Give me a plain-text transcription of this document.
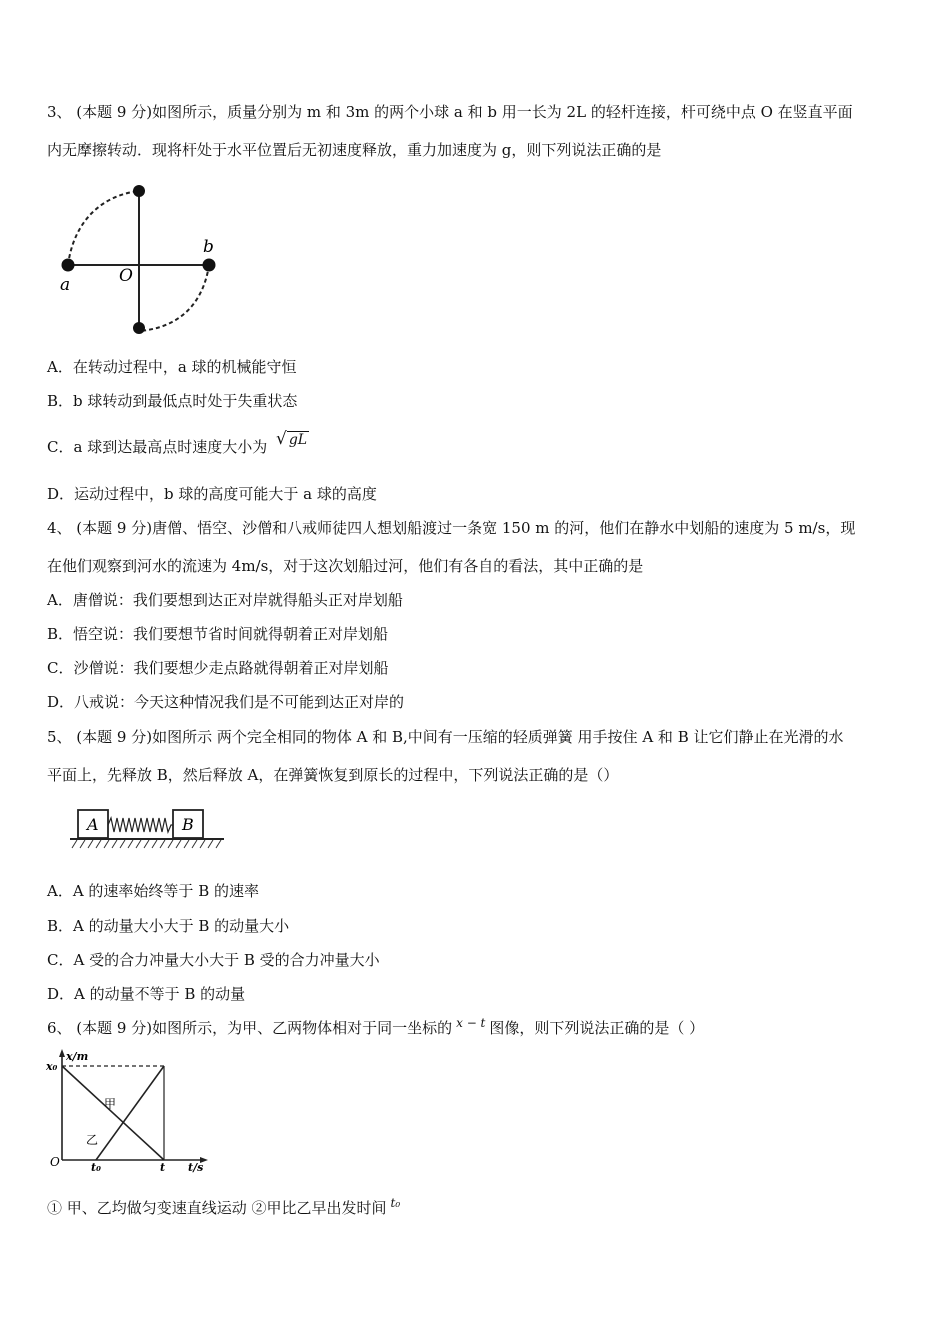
3、 (本题 9 分)如图所示，质量分别为 m 和 3m 的两个小球 a 和 b 用一长为 2L 的轻杆连接，杆可绕中点 O 在竖直平面
内无摩擦转动．现将杆处于水平位置后无初速度释放，重力加速度为 g，则下列说法正确的是
a
b
O
A．在转动过程中，a 球的机械能守恒
B．b 球转动到最低点时处于失重状态
C．a 球到达最高点时速度大小为 √ gL
D．运动过程中，b 球的高度可能大于 a 球的高度
4、 (本题 9 分)唐僧、悟空、沙僧和八戒师徒四人想划船渡过一条宽 150 m 的河，他们在静水中划船的速度为 5 m/s，现
在他们观察到河水的流速为 4m/s，对于这次划船过河，他们有各自的看法，其中正确的是
A．唐僧说：我们要想到达正对岸就得船头正对岸划船
B．悟空说：我们要想节省时间就得朝着正对岸划船
C．沙僧说：我们要想少走点路就得朝着正对岸划船
D．八戒说：今天这种情况我们是不可能到达正对岸的
5、 (本题 9 分)如图所示 两个完全相同的物体 A 和 B,中间有一压缩的轻质弹簧 用手按住 A 和 B 让它们静止在光滑的水
平面上，先释放 B，然后释放 A，在弹簧恢复到原长的过程中，下列说法正确的是（）
A	B
A．A 的速率始终等于 B 的速率
B．A 的动量大小大于 B 的动量大小
C．A 受的合力冲量大小大于 B 受的合力冲量大小
D．A 的动量不等于 B 的动量
6、 (本题 9 分)如图所示，为甲、乙两物体相对于同一坐标的 $^{x - t}$ 图像，则下列说法正确的是（ ）
x/m
x₀
甲
乙
O	t₀	t t/s
① 甲、乙均做匀变速直线运动 ②甲比乙早出发时间 $^{t_0}$
